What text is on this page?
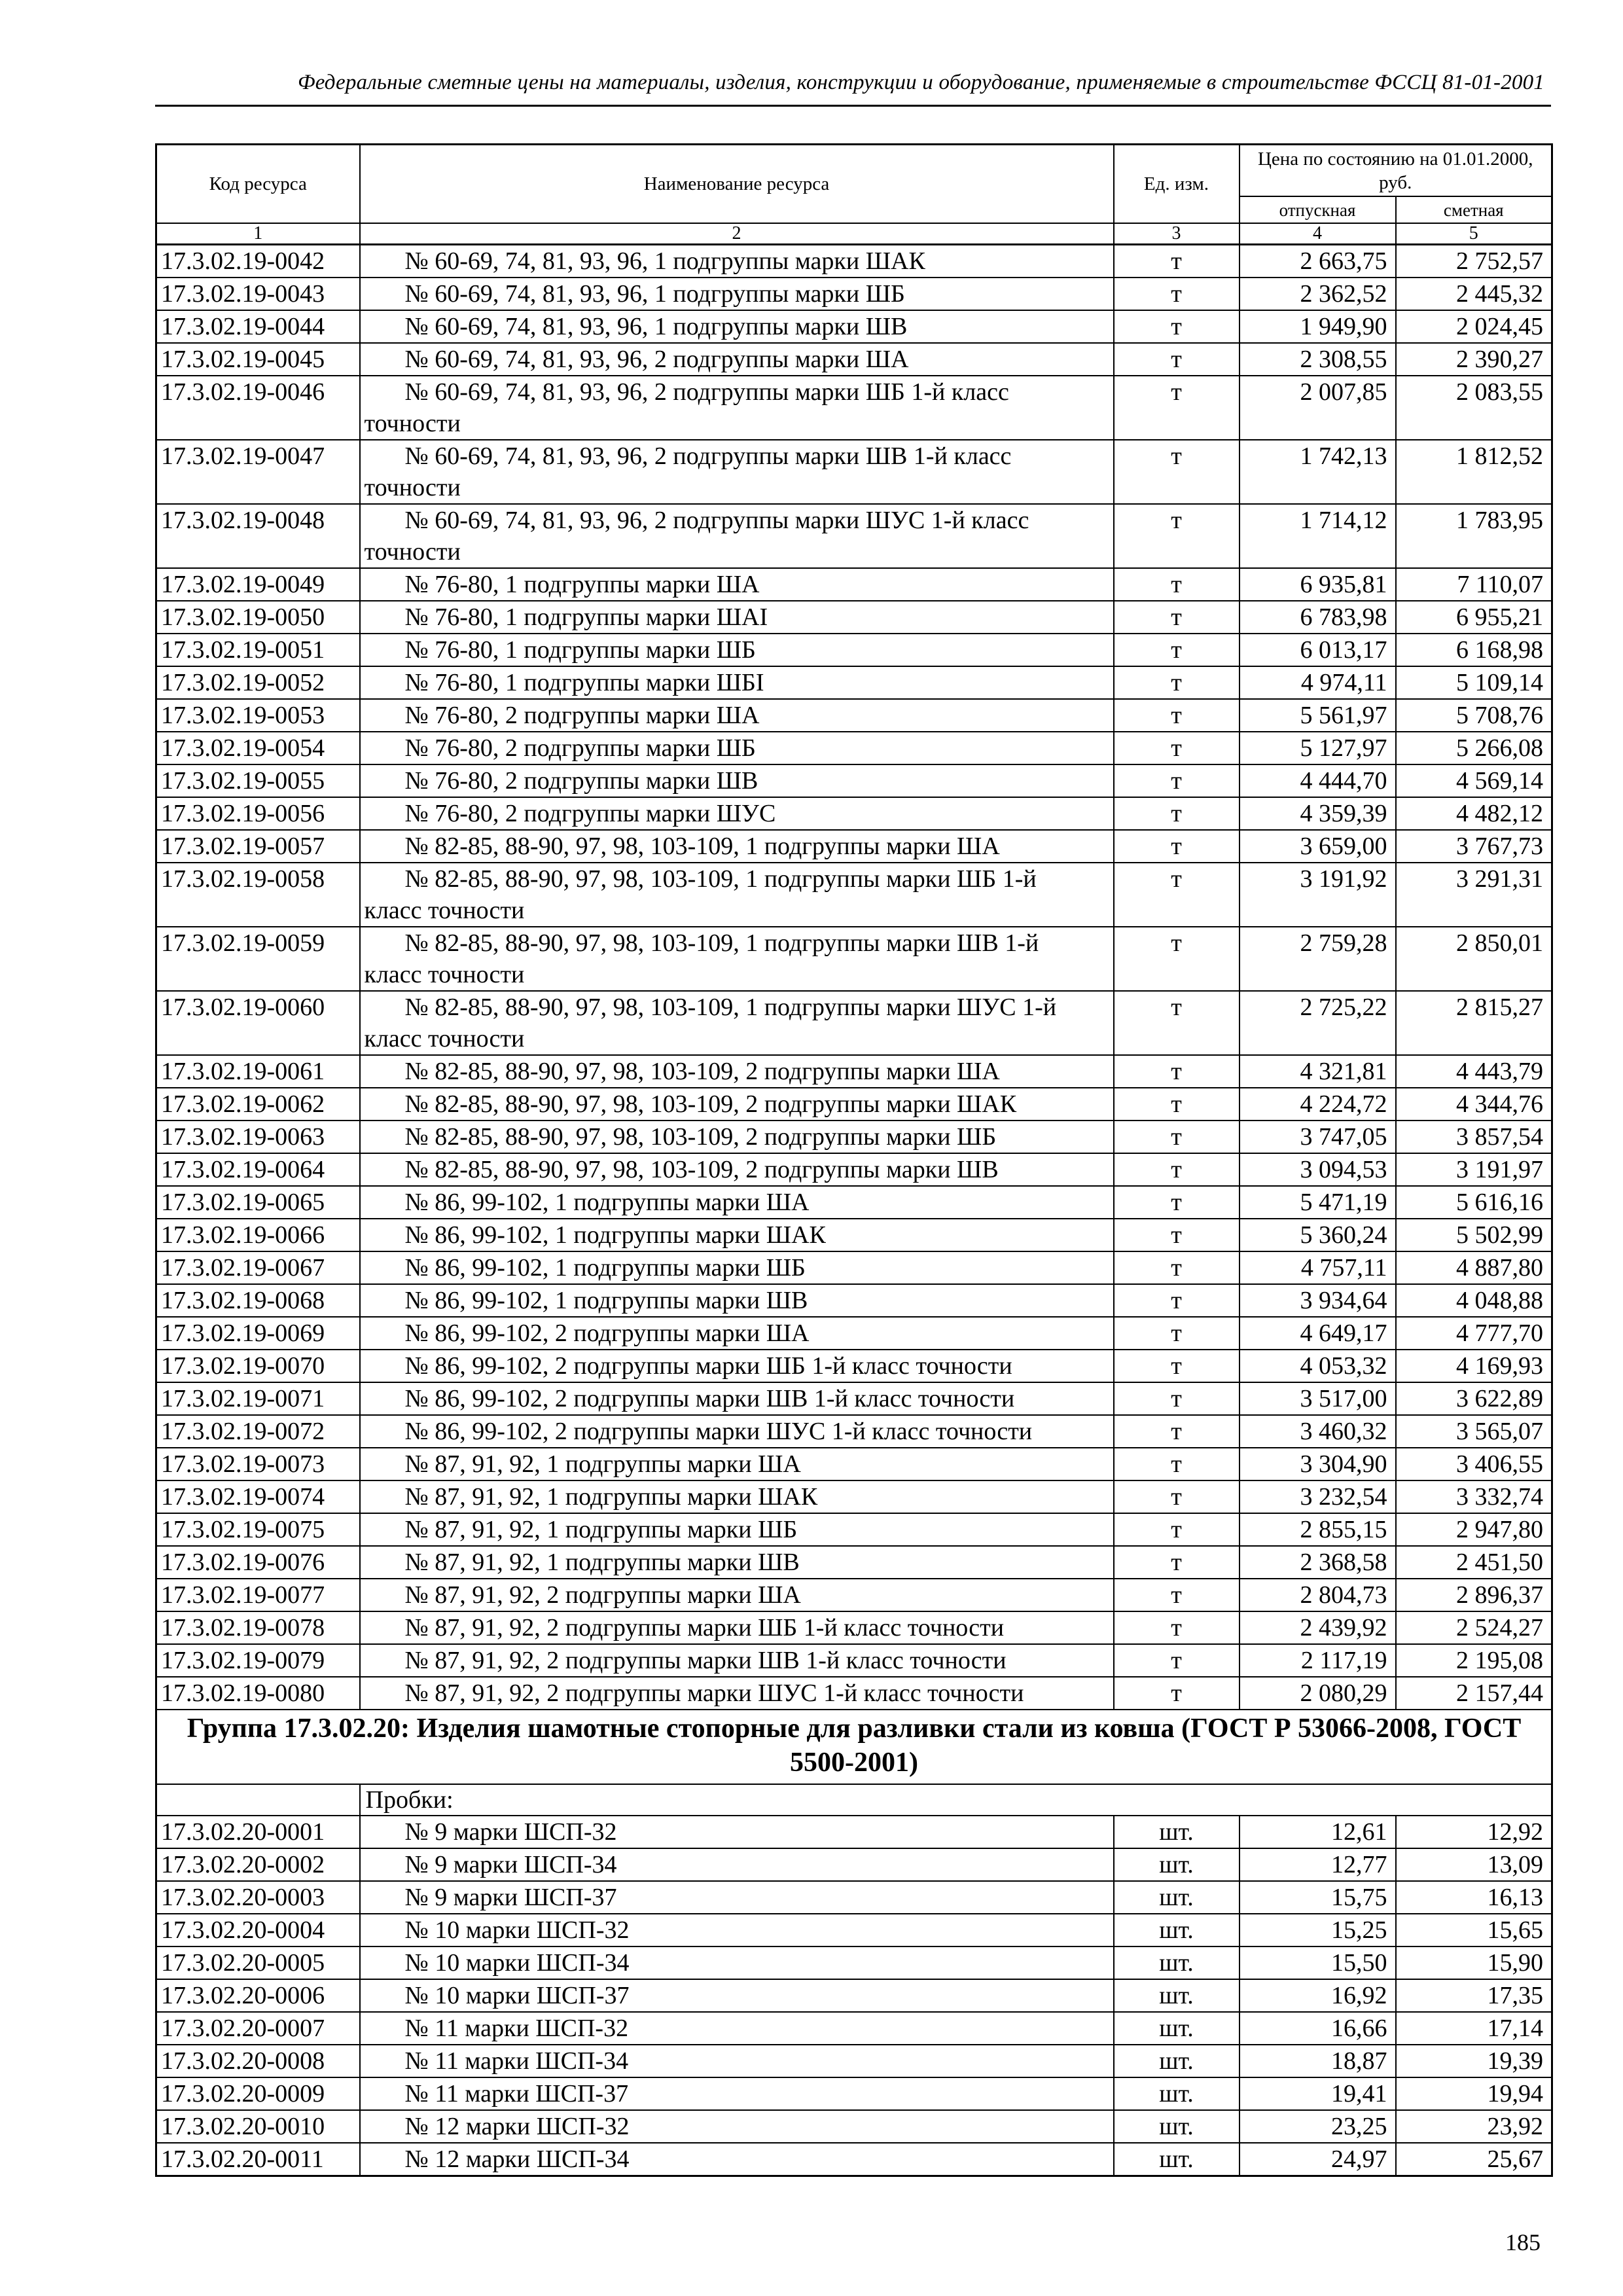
Федеральные сметные цены на материалы, изделия, конструкции и оборудование, применяемые в строительстве ФССЦ 81-01-2001
Код ресурса	Наименование ресурса	Ед. изм.	Цена по состоянию на 01.01.2000, руб.	
			отпускная	сметная
1	2	3	4	5
17.3.02.19-0042	№ 60-69, 74, 81, 93, 96, 1 подгруппы марки ШАК	т	2 663,75	2 752,57
17.3.02.19-0043	№ 60-69, 74, 81, 93, 96, 1 подгруппы марки ШБ	т	2 362,52	2 445,32
17.3.02.19-0044	№ 60-69, 74, 81, 93, 96, 1 подгруппы марки ШВ	т	1 949,90	2 024,45
17.3.02.19-0045	№ 60-69, 74, 81, 93, 96, 2 подгруппы марки ША	т	2 308,55	2 390,27
17.3.02.19-0046	№ 60-69, 74, 81, 93, 96, 2 подгруппы марки ШБ 1-й класс точности	т	2 007,85	2 083,55
17.3.02.19-0047	№ 60-69, 74, 81, 93, 96, 2 подгруппы марки ШВ 1-й класс точности	т	1 742,13	1 812,52
17.3.02.19-0048	№ 60-69, 74, 81, 93, 96, 2 подгруппы марки ШУС 1-й класс точности	т	1 714,12	1 783,95
17.3.02.19-0049	№ 76-80, 1 подгруппы марки ША	т	6 935,81	7 110,07
17.3.02.19-0050	№ 76-80, 1 подгруппы марки ШАI	т	6 783,98	6 955,21
17.3.02.19-0051	№ 76-80, 1 подгруппы марки ШБ	т	6 013,17	6 168,98
17.3.02.19-0052	№ 76-80, 1 подгруппы марки ШБI	т	4 974,11	5 109,14
17.3.02.19-0053	№ 76-80, 2 подгруппы марки ША	т	5 561,97	5 708,76
17.3.02.19-0054	№ 76-80, 2 подгруппы марки ШБ	т	5 127,97	5 266,08
17.3.02.19-0055	№ 76-80, 2 подгруппы марки ШВ	т	4 444,70	4 569,14
17.3.02.19-0056	№ 76-80, 2 подгруппы марки ШУС	т	4 359,39	4 482,12
17.3.02.19-0057	№ 82-85, 88-90, 97, 98, 103-109, 1 подгруппы марки ША	т	3 659,00	3 767,73
17.3.02.19-0058	№ 82-85, 88-90, 97, 98, 103-109, 1 подгруппы марки ШБ 1-й класс точности	т	3 191,92	3 291,31
17.3.02.19-0059	№ 82-85, 88-90, 97, 98, 103-109, 1 подгруппы марки ШВ 1-й класс точности	т	2 759,28	2 850,01
17.3.02.19-0060	№ 82-85, 88-90, 97, 98, 103-109, 1 подгруппы марки ШУС 1-й класс точности	т	2 725,22	2 815,27
17.3.02.19-0061	№ 82-85, 88-90, 97, 98, 103-109, 2 подгруппы марки ША	т	4 321,81	4 443,79
17.3.02.19-0062	№ 82-85, 88-90, 97, 98, 103-109, 2 подгруппы марки ШАК	т	4 224,72	4 344,76
17.3.02.19-0063	№ 82-85, 88-90, 97, 98, 103-109, 2 подгруппы марки ШБ	т	3 747,05	3 857,54
17.3.02.19-0064	№ 82-85, 88-90, 97, 98, 103-109, 2 подгруппы марки ШВ	т	3 094,53	3 191,97
17.3.02.19-0065	№ 86, 99-102, 1 подгруппы марки ША	т	5 471,19	5 616,16
17.3.02.19-0066	№ 86, 99-102, 1 подгруппы марки ШАК	т	5 360,24	5 502,99
17.3.02.19-0067	№ 86, 99-102, 1 подгруппы марки ШБ	т	4 757,11	4 887,80
17.3.02.19-0068	№ 86, 99-102, 1 подгруппы марки ШВ	т	3 934,64	4 048,88
17.3.02.19-0069	№ 86, 99-102, 2 подгруппы марки ША	т	4 649,17	4 777,70
17.3.02.19-0070	№ 86, 99-102, 2 подгруппы марки ШБ 1-й класс точности	т	4 053,32	4 169,93
17.3.02.19-0071	№ 86, 99-102, 2 подгруппы марки ШВ 1-й класс точности	т	3 517,00	3 622,89
17.3.02.19-0072	№ 86, 99-102, 2 подгруппы марки ШУС 1-й класс точности	т	3 460,32	3 565,07
17.3.02.19-0073	№ 87, 91, 92, 1 подгруппы марки ША	т	3 304,90	3 406,55
17.3.02.19-0074	№ 87, 91, 92, 1 подгруппы марки ШАК	т	3 232,54	3 332,74
17.3.02.19-0075	№ 87, 91, 92, 1 подгруппы марки ШБ	т	2 855,15	2 947,80
17.3.02.19-0076	№ 87, 91, 92, 1 подгруппы марки ШВ	т	2 368,58	2 451,50
17.3.02.19-0077	№ 87, 91, 92, 2 подгруппы марки ША	т	2 804,73	2 896,37
17.3.02.19-0078	№ 87, 91, 92, 2 подгруппы марки ШБ 1-й класс точности	т	2 439,92	2 524,27
17.3.02.19-0079	№ 87, 91, 92, 2 подгруппы марки ШВ 1-й класс точности	т	2 117,19	2 195,08
17.3.02.19-0080	№ 87, 91, 92, 2 подгруппы марки ШУС 1-й класс точности	т	2 080,29	2 157,44
Группа 17.3.02.20: Изделия шамотные стопорные для разливки стали из ковша (ГОСТ Р 53066-2008, ГОСТ 5500-2001)				
	Пробки:			
17.3.02.20-0001	№ 9 марки ШСП-32	шт.	12,61	12,92
17.3.02.20-0002	№ 9 марки ШСП-34	шт.	12,77	13,09
17.3.02.20-0003	№ 9 марки ШСП-37	шт.	15,75	16,13
17.3.02.20-0004	№ 10 марки ШСП-32	шт.	15,25	15,65
17.3.02.20-0005	№ 10 марки ШСП-34	шт.	15,50	15,90
17.3.02.20-0006	№ 10 марки ШСП-37	шт.	16,92	17,35
17.3.02.20-0007	№ 11 марки ШСП-32	шт.	16,66	17,14
17.3.02.20-0008	№ 11 марки ШСП-34	шт.	18,87	19,39
17.3.02.20-0009	№ 11 марки ШСП-37	шт.	19,41	19,94
17.3.02.20-0010	№ 12 марки ШСП-32	шт.	23,25	23,92
17.3.02.20-0011	№ 12 марки ШСП-34	шт.	24,97	25,67
185
